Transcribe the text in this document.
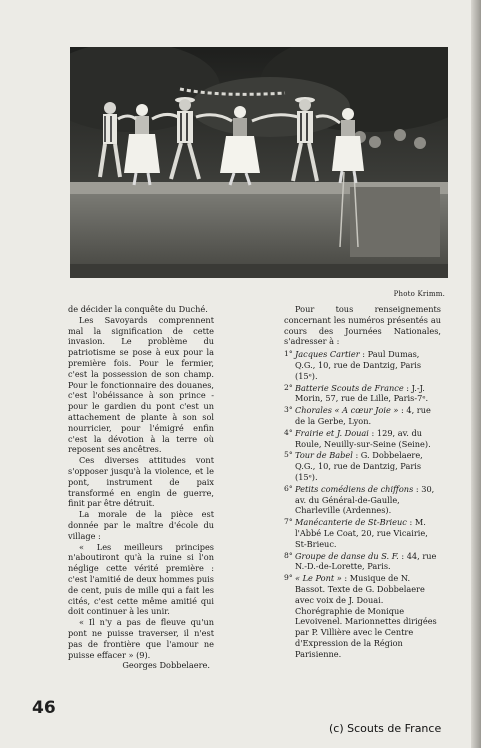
Photo Krimm.

de décider la conquête du Duché.

Les Savoyards comprennent mal la signification de cette invasion. Le problème du patriotisme se pose à eux pour la première fois. Pour le fermier, c'est la possession de son champ. Pour le fonctionnaire des douanes, c'est l'obéissance à son prince - pour le gardien du pont c'est un attachement de plante à son sol nourricier, pour l'émigré enfin c'est la dévotion à la terre où reposent ses ancêtres.

Ces diverses attitudes vont s'opposer jusqu'à la violence, et le pont, instrument de paix transformé en engin de guerre, finit par être détruit.

La morale de la pièce est donnée par le maître d'école du village :

« Les meilleurs principes n'aboutiront qu'à la ruine si l'on néglige cette vérité première : c'est l'amitié de deux hommes puis de cent, puis de mille qui a fait les cités, c'est cette même amitié qui doit continuer à les unir.

« Il n'y a pas de fleuve qu'un pont ne puisse traverser, il n'est pas de frontière que l'amour ne puisse effacer » (9).

Georges Dobbelaere.

Pour tous renseignements concernant les numéros présentés au cours des Journées Nationales, s'adresser à :

1° Jacques Cartier : Paul Dumas, Q.G., 10, rue de Dantzig, Paris (15ᵉ).
2° Batterie Scouts de France : J.-J. Morin, 57, rue de Lille, Paris-7ᵉ.
3° Chorales « A cœur Joie » : 4, rue de la Gerbe, Lyon.
4° Frairie et J. Douai : 129, av. du Roule, Neuilly-sur-Seine (Seine).
5° Tour de Babel : G. Dobbelaere, Q.G., 10, rue de Dantzig, Paris (15ᵉ).
6° Petits comédiens de chiffons : 30, av. du Général-de-Gaulle, Charleville (Ardennes).
7° Manécanterie de St-Brieuc : M. l'Abbé Le Coat, 20, rue Vicairie, St-Brieuc.
8° Groupe de danse du S. F. : 44, rue N.-D.-de-Lorette, Paris.
9° « Le Pont » : Musique de N. Bassot. Texte de G. Dobbelaere avec voix de J. Douai. Chorégraphie de Monique Levoivenel. Marionnettes dirigées par P. Villière avec le Centre d'Expression de la Région Parisienne.
46
(c) Scouts de France
